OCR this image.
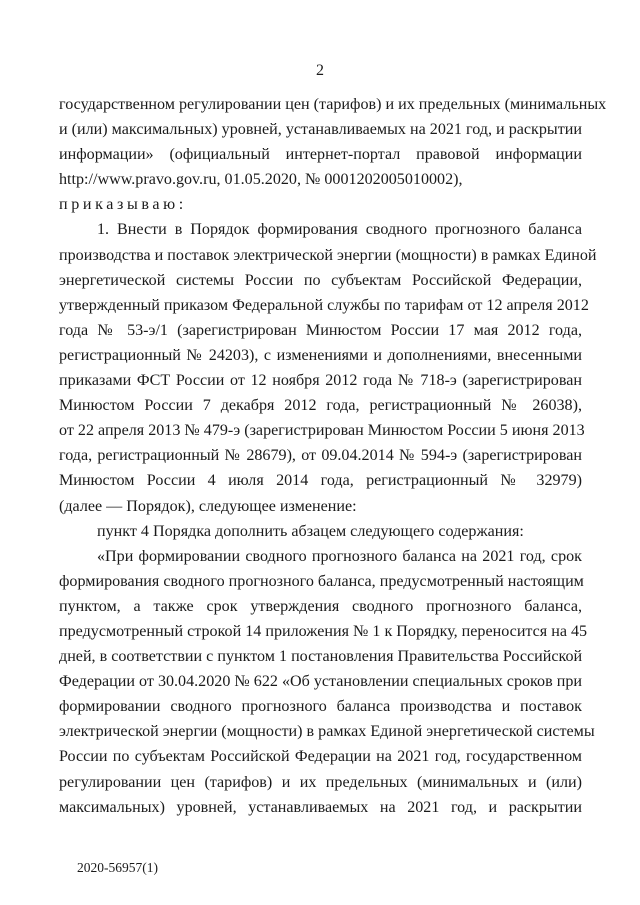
2
государственном регулировании цен (тарифов) и их предельных (минимальных
и (или) максимальных) уровней, устанавливаемых на 2021 год, и раскрытии
информации» (официальный интернет-портал правовой информации
http://www.pravo.gov.ru, 01.05.2020, № 0001202005010002),
приказываю:
1. Внести в Порядок формирования сводного прогнозного баланса
производства и поставок электрической энергии (мощности) в рамках Единой
энергетической системы России по субъектам Российской Федерации,
утвержденный приказом Федеральной службы по тарифам от 12 апреля 2012
года № 53-э/1 (зарегистрирован Минюстом России 17 мая 2012 года,
регистрационный № 24203), с изменениями и дополнениями, внесенными
приказами ФСТ России от 12 ноября 2012 года № 718-э (зарегистрирован
Минюстом России 7 декабря 2012 года, регистрационный № 26038),
от 22 апреля 2013 № 479-э (зарегистрирован Минюстом России 5 июня 2013
года, регистрационный № 28679), от 09.04.2014 № 594-э (зарегистрирован
Минюстом России 4 июля 2014 года, регистрационный № 32979)
(далее — Порядок), следующее изменение:
пункт 4 Порядка дополнить абзацем следующего содержания:
«При формировании сводного прогнозного баланса на 2021 год, срок
формирования сводного прогнозного баланса, предусмотренный настоящим
пунктом, а также срок утверждения сводного прогнозного баланса,
предусмотренный строкой 14 приложения № 1 к Порядку, переносится на 45
дней, в соответствии с пунктом 1 постановления Правительства Российской
Федерации от 30.04.2020 № 622 «Об установлении специальных сроков при
формировании сводного прогнозного баланса производства и поставок
электрической энергии (мощности) в рамках Единой энергетической системы
России по субъектам Российской Федерации на 2021 год, государственном
регулировании цен (тарифов) и их предельных (минимальных и (или)
максимальных) уровней, устанавливаемых на 2021 год, и раскрытии
2020-56957(1)
